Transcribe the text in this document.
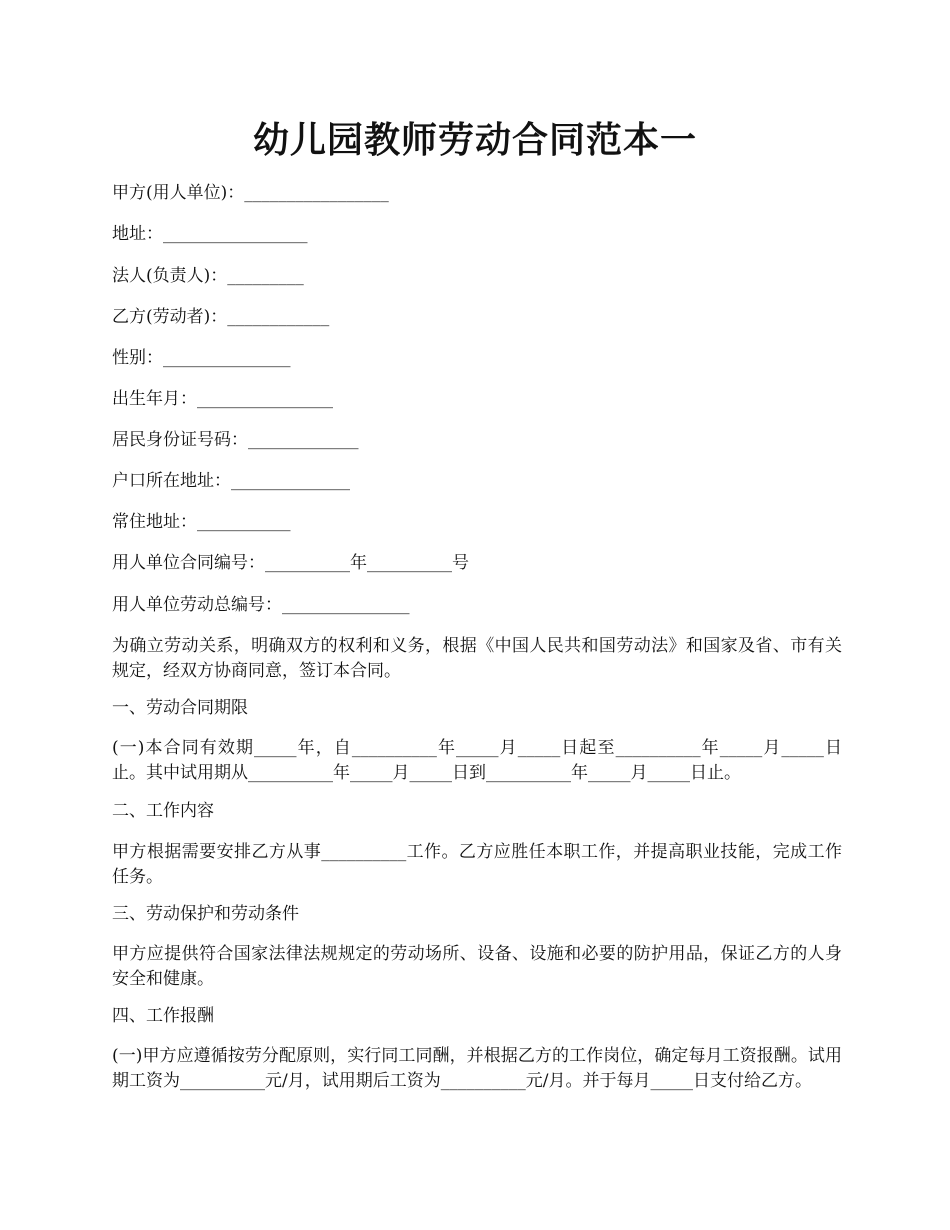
幼儿园教师劳动合同范本一

甲方(用人单位)：_________________

地址：_________________

法人(负责人)：_________

乙方(劳动者)：____________

性别：_______________

出生年月：________________

居民身份证号码：_____________

户口所在地址：______________

常住地址：___________

用人单位合同编号：__________年__________号

用人单位劳动总编号：_______________

为确立劳动关系，明确双方的权利和义务，根据《中国人民共和国劳动法》和国家及省、市有关规定，经双方协商同意，签订本合同。

一、劳动合同期限

(一)本合同有效期_____年，自__________年_____月_____日起至__________年_____月_____日止。其中试用期从__________年_____月_____日到__________年_____月_____日止。

二、工作内容

甲方根据需要安排乙方从事__________工作。乙方应胜任本职工作，并提高职业技能，完成工作任务。

三、劳动保护和劳动条件

甲方应提供符合国家法律法规规定的劳动场所、设备、设施和必要的防护用品，保证乙方的人身安全和健康。

四、工作报酬

(一)甲方应遵循按劳分配原则，实行同工同酬，并根据乙方的工作岗位，确定每月工资报酬。试用期工资为__________元/月，试用期后工资为__________元/月。并于每月_____日支付给乙方。
